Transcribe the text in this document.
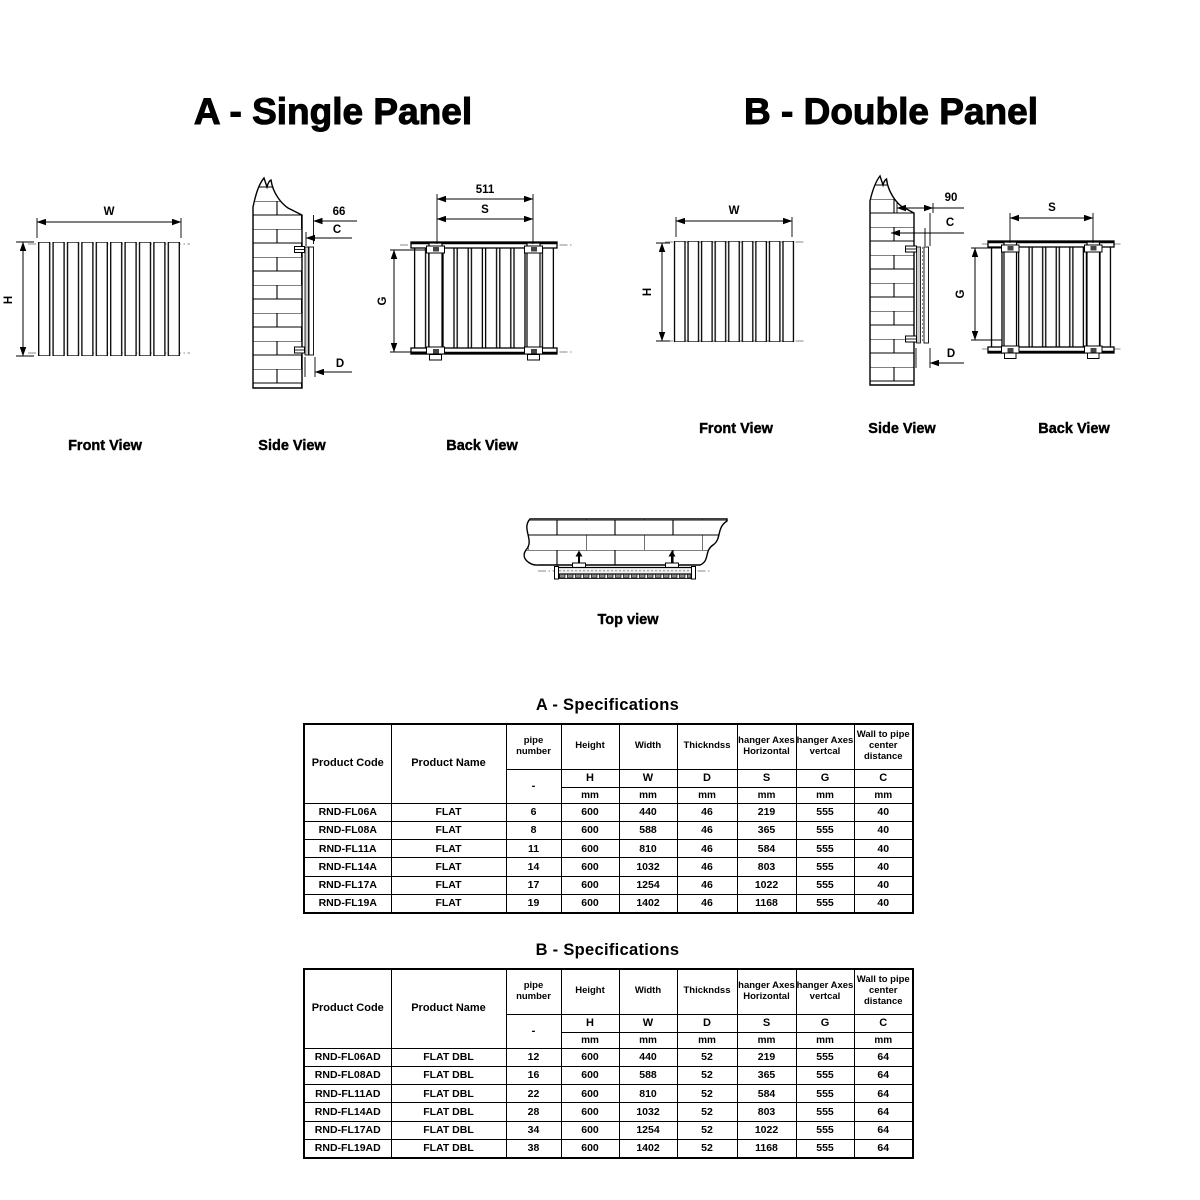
A - Single Panel	B - Double Panel
W
H
Front View
66
C
D
Side View
511
S
G
Back View
W
H
Front View
90
C
D
Side View
S
G
Back View
Top view
A - Specifications
Product Code	Product Name	pipe number	Height	Width	Thickndss	hanger Axes Horizontal	hanger Axes vertcal	Wall to pipe center distance
		-	H	W	D	S	G	C
			mm	mm	mm	mm	mm	mm
RND-FL06A	FLAT	6	600	440	46	219	555	40
RND-FL08A	FLAT	8	600	588	46	365	555	40
RND-FL11A	FLAT	11	600	810	46	584	555	40
RND-FL14A	FLAT	14	600	1032	46	803	555	40
RND-FL17A	FLAT	17	600	1254	46	1022	555	40
RND-FL19A	FLAT	19	600	1402	46	1168	555	40
B - Specifications
Product Code	Product Name	pipe number	Height	Width	Thickndss	hanger Axes Horizontal	hanger Axes vertcal	Wall to pipe center distance
		-	H	W	D	S	G	C
			mm	mm	mm	mm	mm	mm
RND-FL06AD	FLAT DBL	12	600	440	52	219	555	64
RND-FL08AD	FLAT DBL	16	600	588	52	365	555	64
RND-FL11AD	FLAT DBL	22	600	810	52	584	555	64
RND-FL14AD	FLAT DBL	28	600	1032	52	803	555	64
RND-FL17AD	FLAT DBL	34	600	1254	52	1022	555	64
RND-FL19AD	FLAT DBL	38	600	1402	52	1168	555	64
